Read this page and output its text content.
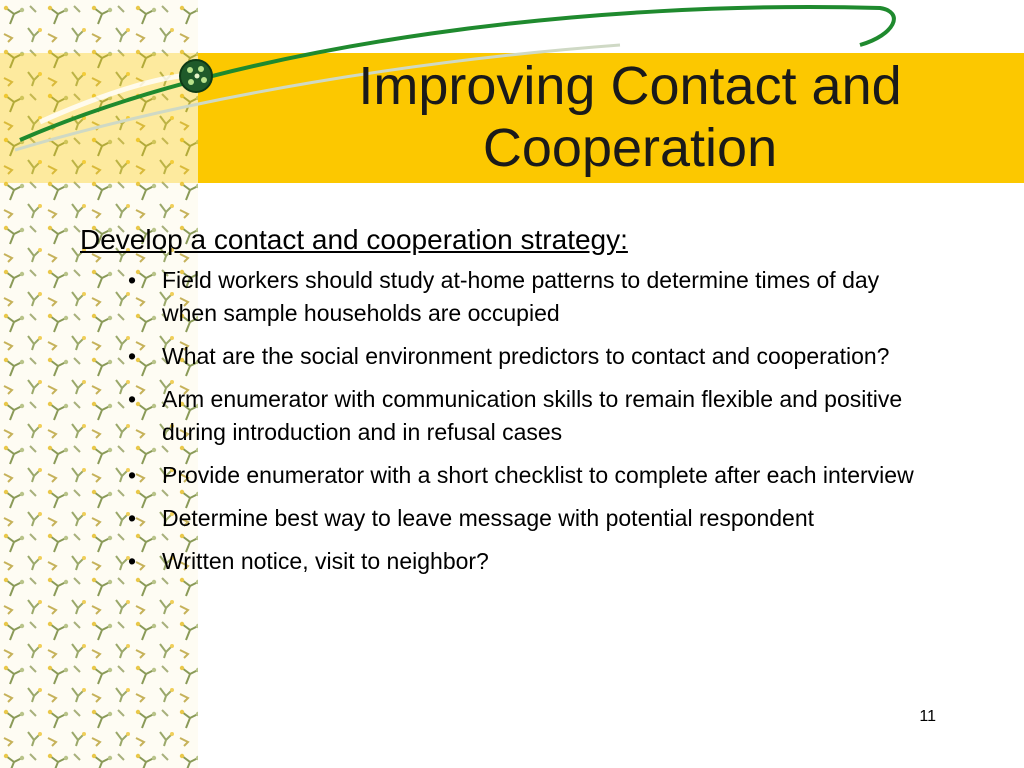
Improving Contact and Cooperation

Develop a contact and cooperation strategy:

• Field workers should study at-home patterns to determine times of day when sample households are occupied
• What are the social environment predictors to contact and cooperation?
• Arm enumerator with communication skills to remain flexible and positive during introduction and in refusal cases
• Provide enumerator with a short checklist to complete after each interview
• Determine best way to leave message with potential respondent
• Written notice, visit to neighbor?
11
